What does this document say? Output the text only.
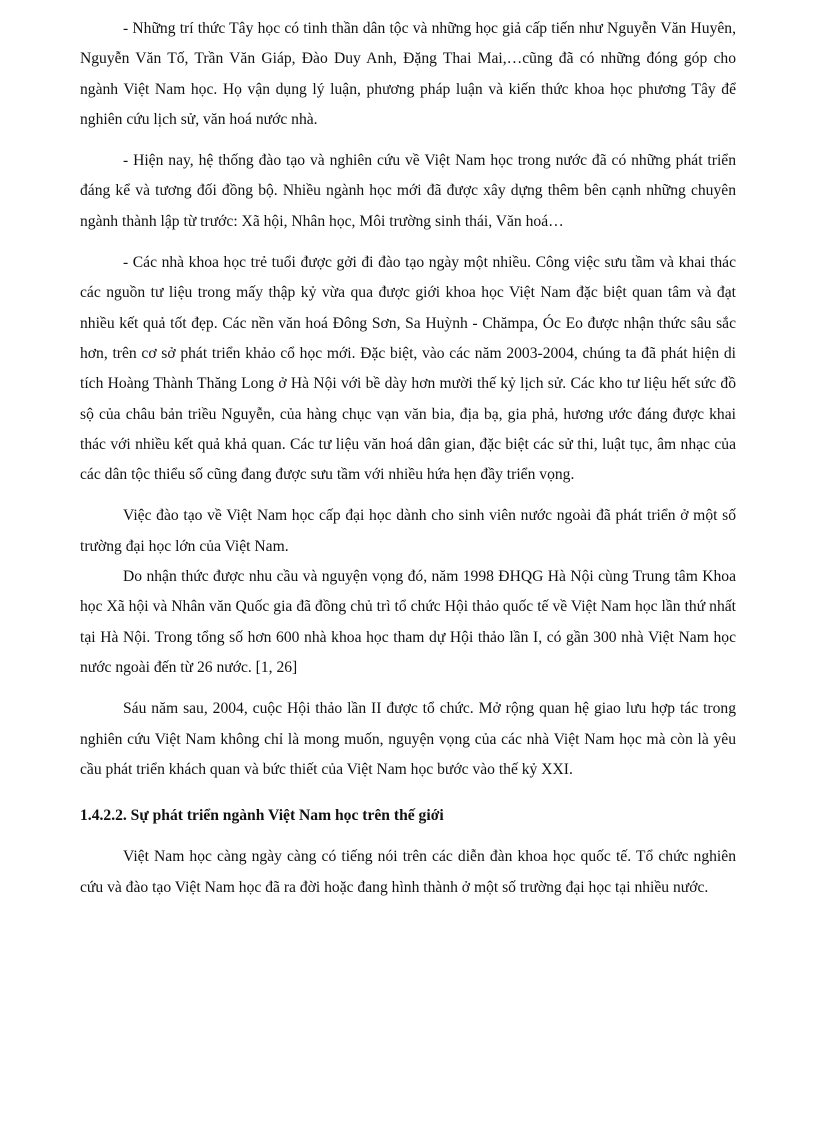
- Những trí thức Tây học có tinh thần dân tộc và những học giả cấp tiến như Nguyễn Văn Huyên, Nguyễn Văn Tố, Trần Văn Giáp, Đào Duy Anh, Đặng Thai Mai,…cũng đã có những đóng góp cho ngành Việt Nam học. Họ vận dụng lý luận, phương pháp luận và kiến thức khoa học phương Tây để nghiên cứu lịch sử, văn hoá nước nhà.

- Hiện nay, hệ thống đào tạo và nghiên cứu về Việt Nam học trong nước đã có những phát triển đáng kể và tương đối đồng bộ. Nhiều ngành học mới đã được xây dựng thêm bên cạnh những chuyên ngành thành lập từ trước: Xã hội, Nhân học, Môi trường sinh thái, Văn hoá…

- Các nhà khoa học trẻ tuổi được gởi đi đào tạo ngày một nhiều. Công việc sưu tầm và khai thác các nguồn tư liệu trong mấy thập kỷ vừa qua được giới khoa học Việt Nam đặc biệt quan tâm và đạt nhiều kết quả tốt đẹp. Các nền văn hoá Đông Sơn, Sa Huỳnh - Chămpa, Óc Eo được nhận thức sâu sắc hơn, trên cơ sở phát triển khảo cổ học mới. Đặc biệt, vào các năm 2003-2004, chúng ta đã phát hiện di tích Hoàng Thành Thăng Long ở Hà Nội với bề dày hơn mười thế kỷ lịch sử. Các kho tư liệu hết sức đồ sộ của châu bản triều Nguyễn, của hàng chục vạn văn bia, địa bạ, gia phả, hương ước đáng được khai thác với nhiều kết quả khả quan. Các tư liệu văn hoá dân gian, đặc biệt các sử thi, luật tục, âm nhạc của các dân tộc thiểu số cũng đang được sưu tầm với nhiều hứa hẹn đầy triển vọng.

Việc đào tạo về Việt Nam học cấp đại học dành cho sinh viên nước ngoài đã phát triển ở một số trường đại học lớn của Việt Nam.

Do nhận thức được nhu cầu và nguyện vọng đó, năm 1998 ĐHQG Hà Nội cùng Trung tâm Khoa học Xã hội và Nhân văn Quốc gia đã đồng chủ trì tổ chức Hội thảo quốc tế về Việt Nam học lần thứ nhất tại Hà Nội. Trong tổng số hơn 600 nhà khoa học tham dự Hội thảo lần I, có gần 300 nhà Việt Nam học nước ngoài đến từ 26 nước. [1, 26]

Sáu năm sau, 2004, cuộc Hội thảo lần II được tổ chức. Mở rộng quan hệ giao lưu hợp tác trong nghiên cứu Việt Nam không chỉ là mong muốn, nguyện vọng của các nhà Việt Nam học mà còn là yêu cầu phát triển khách quan và bức thiết của Việt Nam học bước vào thế kỷ XXI.

1.4.2.2. Sự phát triển ngành Việt Nam học trên thế giới

Việt Nam học càng ngày càng có tiếng nói trên các diễn đàn khoa học quốc tế. Tổ chức nghiên cứu và đào tạo Việt Nam học đã ra đời hoặc đang hình thành ở một số trường đại học tại nhiều nước.
